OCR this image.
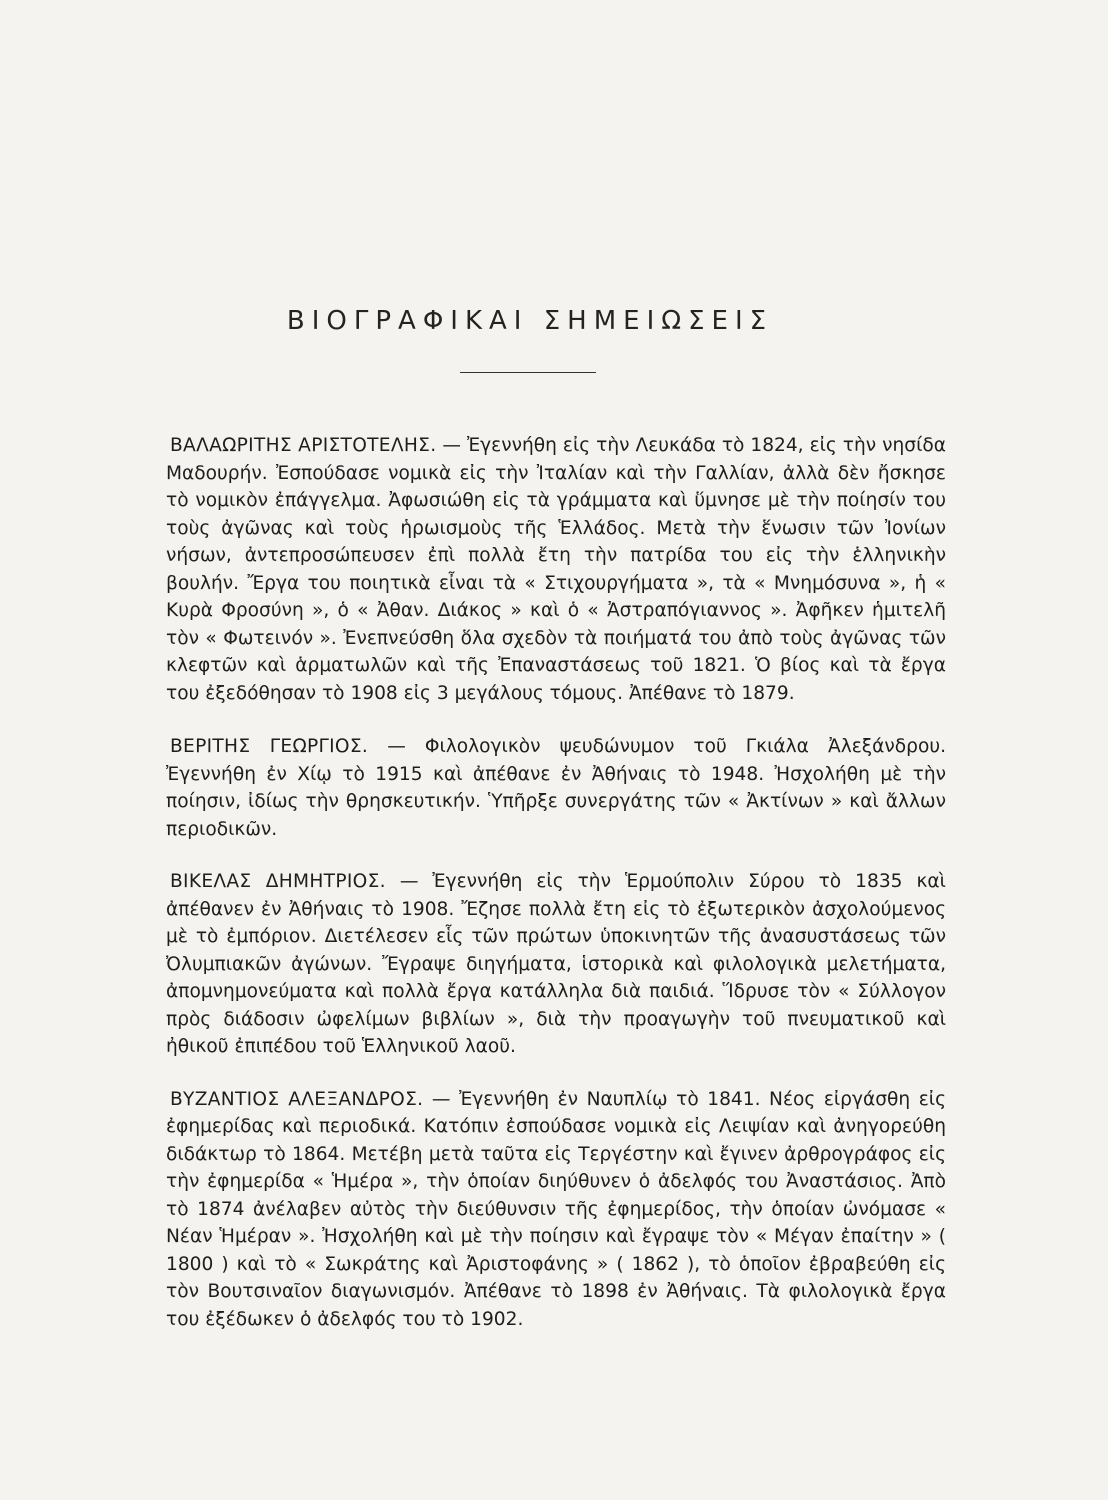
ΒΙΟΓΡΑΦΙΚΑΙ ΣΗΜΕΙΩΣΕΙΣ

ΒΑΛΑΩΡΙΤΗΣ ΑΡΙΣΤΟΤΕΛΗΣ. — Ἐγεννήθη εἰς τὴν Λευκάδα τὸ 1824, εἰς τὴν νησίδα Μαδουρήν. Ἐσπούδασε νομικὰ εἰς τὴν Ἰταλίαν καὶ τὴν Γαλλίαν, ἀλλὰ δὲν ἤσκησε τὸ νομικὸν ἐπάγγελμα. Ἀφωσιώθη εἰς τὰ γράμματα καὶ ὕμνησε μὲ τὴν ποίησίν του τοὺς ἀγῶνας καὶ τοὺς ἡρωισμοὺς τῆς Ἑλλάδος. Μετὰ τὴν ἕνωσιν τῶν Ἰονίων νήσων, ἀντεπροσώπευσεν ἐπὶ πολλὰ ἔτη τὴν πατρίδα του εἰς τὴν ἑλληνικὴν βουλήν. Ἔργα του ποιητικὰ εἶναι τὰ « Στιχουργήματα », τὰ « Μνημόσυνα », ἡ « Κυρὰ Φροσύνη », ὁ « Ἀθαν. Διάκος » καὶ ὁ « Ἀστραπόγιαννος ». Ἀφῆκεν ἡμιτελῆ τὸν « Φωτεινόν ». Ἐνεπνεύσθη ὅλα σχεδὸν τὰ ποιήματά του ἀπὸ τοὺς ἀγῶνας τῶν κλεφτῶν καὶ ἁρματωλῶν καὶ τῆς Ἐπαναστάσεως τοῦ 1821. Ὁ βίος καὶ τὰ ἔργα του ἐξεδόθησαν τὸ 1908 εἰς 3 μεγάλους τόμους. Ἀπέθανε τὸ 1879.

ΒΕΡΙΤΗΣ ΓΕΩΡΓΙΟΣ. — Φιλολογικὸν ψευδώνυμον τοῦ Γκιάλα Ἀλεξάνδρου. Ἐγεννήθη ἐν Χίῳ τὸ 1915 καὶ ἀπέθανε ἐν Ἀθήναις τὸ 1948. Ἠσχολήθη μὲ τὴν ποίησιν, ἰδίως τὴν θρησκευτικήν. Ὑπῆρξε συνεργάτης τῶν « Ἀκτίνων » καὶ ἄλλων περιοδικῶν.

ΒΙΚΕΛΑΣ ΔΗΜΗΤΡΙΟΣ. — Ἐγεννήθη εἰς τὴν Ἑρμούπολιν Σύρου τὸ 1835 καὶ ἀπέθανεν ἐν Ἀθήναις τὸ 1908. Ἔζησε πολλὰ ἔτη εἰς τὸ ἐξωτερικὸν ἀσχολούμενος μὲ τὸ ἐμπόριον. Διετέλεσεν εἷς τῶν πρώτων ὑποκινητῶν τῆς ἀνασυστάσεως τῶν Ὀλυμπιακῶν ἀγώνων. Ἔγραψε διηγήματα, ἱστορικὰ καὶ φιλολογικὰ μελετήματα, ἀπομνημονεύματα καὶ πολλὰ ἔργα κατάλληλα διὰ παιδιά. Ἵδρυσε τὸν « Σύλλογον πρὸς διάδοσιν ὠφελίμων βιβλίων », διὰ τὴν προαγωγὴν τοῦ πνευματικοῦ καὶ ἠθικοῦ ἐπιπέδου τοῦ Ἑλληνικοῦ λαοῦ.

ΒΥΖΑΝΤΙΟΣ ΑΛΕΞΑΝΔΡΟΣ. — Ἐγεννήθη ἐν Ναυπλίῳ τὸ 1841. Νέος εἰργάσθη εἰς ἐφημερίδας καὶ περιοδικά. Κατόπιν ἐσπούδασε νομικὰ εἰς Λειψίαν καὶ ἀνηγορεύθη διδάκτωρ τὸ 1864. Μετέβη μετὰ ταῦτα εἰς Τεργέστην καὶ ἔγινεν ἀρθρογράφος εἰς τὴν ἐφημερίδα « Ἡμέρα », τὴν ὁποίαν διηύθυνεν ὁ ἀδελφός του Ἀναστάσιος. Ἀπὸ τὸ 1874 ἀνέλαβεν αὐτὸς τὴν διεύθυνσιν τῆς ἐφημερίδος, τὴν ὁποίαν ὠνόμασε « Νέαν Ἡμέραν ». Ἠσχολήθη καὶ μὲ τὴν ποίησιν καὶ ἔγραψε τὸν « Μέγαν ἐπαίτην » ( 1800 ) καὶ τὸ « Σωκράτης καὶ Ἀριστοφάνης » ( 1862 ), τὸ ὁποῖον ἐβραβεύθη εἰς τὸν Βουτσιναῖον διαγωνισμόν. Ἀπέθανε τὸ 1898 ἐν Ἀθήναις. Τὰ φιλολογικὰ ἔργα του ἐξέδωκεν ὁ ἀδελφός του τὸ 1902.
